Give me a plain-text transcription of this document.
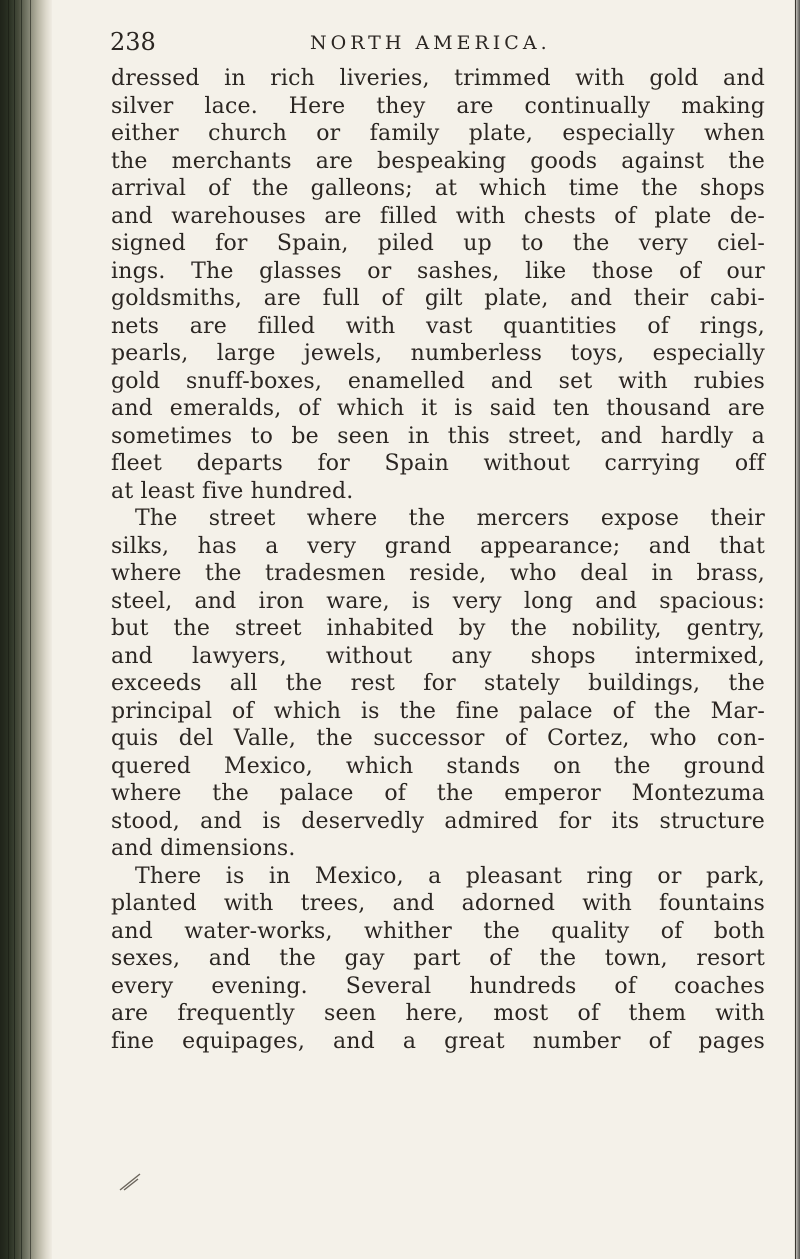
238	NORTH AMERICA.
dressed in rich liveries, trimmed with gold and
silver lace. Here they are continually making
either church or family plate, especially when
the merchants are bespeaking goods against the
arrival of the galleons; at which time the shops
and warehouses are filled with chests of plate de-
signed for Spain, piled up to the very ciel-
ings. The glasses or sashes, like those of our
goldsmiths, are full of gilt plate, and their cabi-
nets are filled with vast quantities of rings,
pearls, large jewels, numberless toys, especially
gold snuff-boxes, enamelled and set with rubies
and emeralds, of which it is said ten thousand are
sometimes to be seen in this street, and hardly a
fleet departs for Spain without carrying off
at least five hundred.
The street where the mercers expose their
silks, has a very grand appearance; and that
where the tradesmen reside, who deal in brass,
steel, and iron ware, is very long and spacious:
but the street inhabited by the nobility, gentry,
and lawyers, without any shops intermixed,
exceeds all the rest for stately buildings, the
principal of which is the fine palace of the Mar-
quis del Valle, the successor of Cortez, who con-
quered Mexico, which stands on the ground
where the palace of the emperor Montezuma
stood, and is deservedly admired for its structure
and dimensions.
There is in Mexico, a pleasant ring or park,
planted with trees, and adorned with fountains
and water-works, whither the quality of both
sexes, and the gay part of the town, resort
every evening. Several hundreds of coaches
are frequently seen here, most of them with
fine equipages, and a great number of pages
